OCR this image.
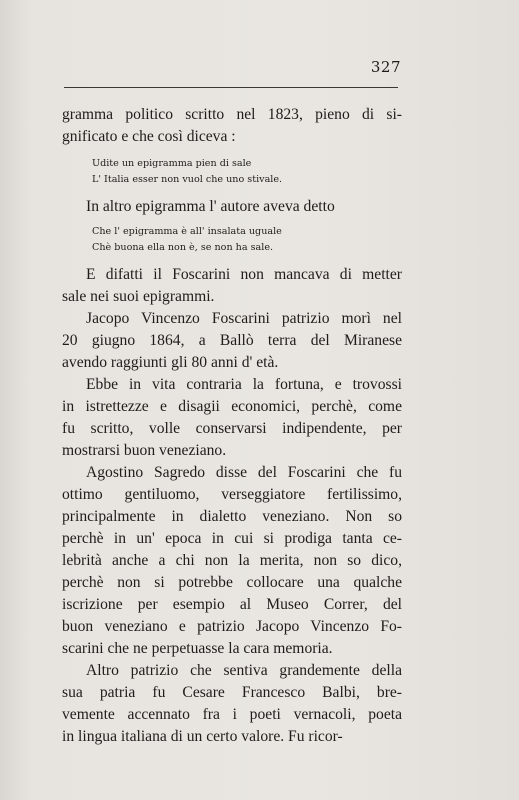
327
gramma politico scritto nel 1823, pieno di si-
gnificato e che così diceva :
Udite un epigramma pien di sale
L' Italia esser non vuol che uno stivale.
In altro epigramma l' autore aveva detto
Che l' epigramma è all' insalata uguale
Chè buona ella non è, se non ha sale.
E difatti il Foscarini non mancava di metter
sale nei suoi epigrammi.
Jacopo Vincenzo Foscarini patrizio morì nel
20 giugno 1864, a Ballò terra del Miranese
avendo raggiunti gli 80 anni d' età.
Ebbe in vita contraria la fortuna, e trovossi
in istrettezze e disagii economici, perchè, come
fu scritto, volle conservarsi indipendente, per
mostrarsi buon veneziano.
Agostino Sagredo disse del Foscarini che fu
ottimo gentiluomo, verseggiatore fertilissimo,
principalmente in dialetto veneziano. Non so
perchè in un' epoca in cui si prodiga tanta ce-
lebrità anche a chi non la merita, non so dico,
perchè non si potrebbe collocare una qualche
iscrizione per esempio al Museo Correr, del
buon veneziano e patrizio Jacopo Vincenzo Fo-
scarini che ne perpetuasse la cara memoria.
Altro patrizio che sentiva grandemente della
sua patria fu Cesare Francesco Balbi, bre-
vemente accennato fra i poeti vernacoli, poeta
in lingua italiana di un certo valore. Fu ricor-
